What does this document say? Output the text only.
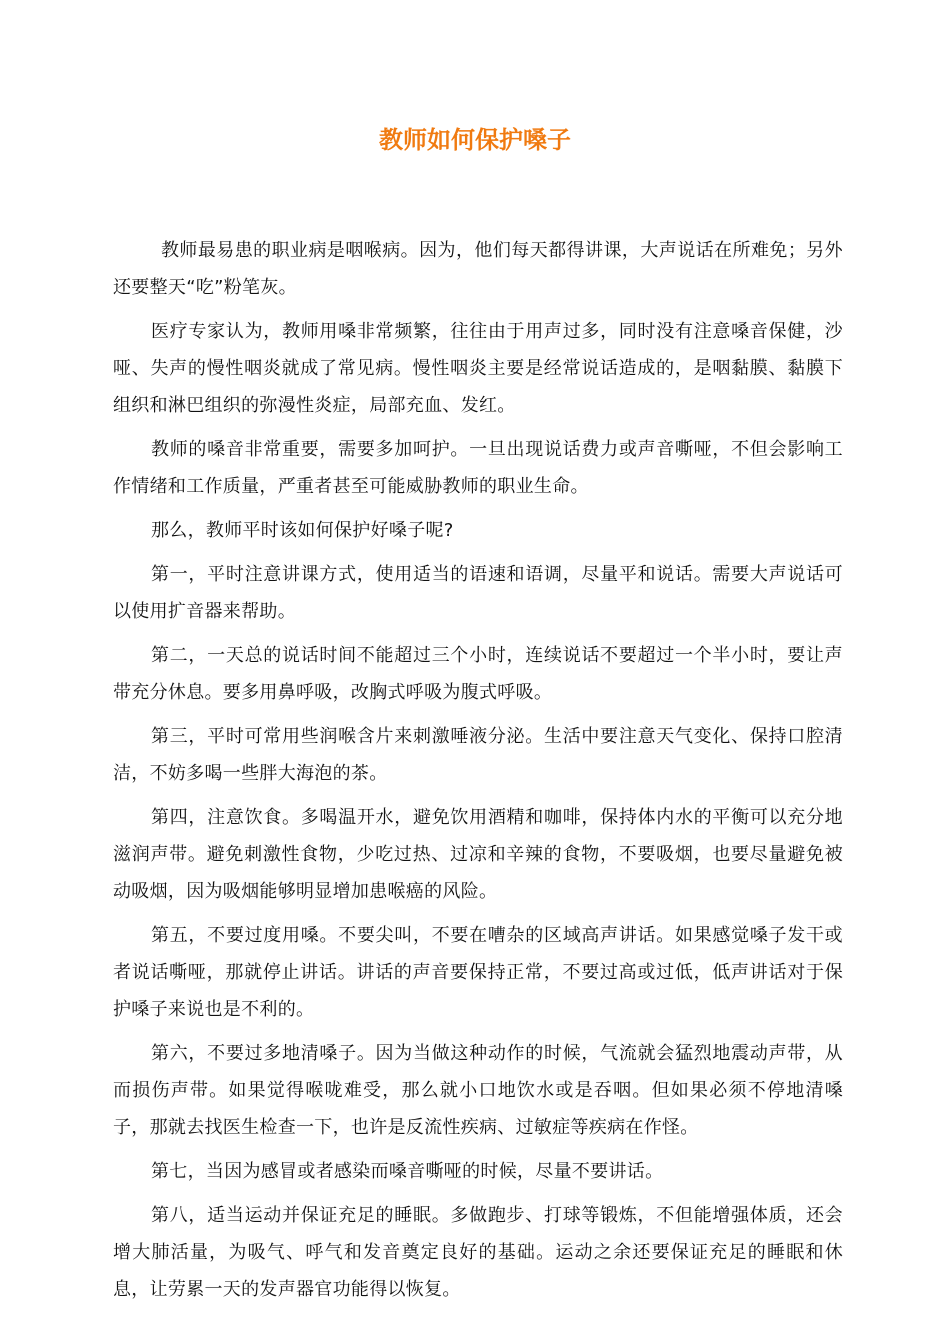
教师如何保护嗓子

教师最易患的职业病是咽喉病。因为，他们每天都得讲课，大声说话在所难免；另外还要整天“吃”粉笔灰。

医疗专家认为，教师用嗓非常频繁，往往由于用声过多，同时没有注意嗓音保健，沙哑、失声的慢性咽炎就成了常见病。慢性咽炎主要是经常说话造成的，是咽黏膜、黏膜下组织和淋巴组织的弥漫性炎症，局部充血、发红。

教师的嗓音非常重要，需要多加呵护。一旦出现说话费力或声音嘶哑，不但会影响工作情绪和工作质量，严重者甚至可能威胁教师的职业生命。

那么，教师平时该如何保护好嗓子呢?

第一，平时注意讲课方式，使用适当的语速和语调，尽量平和说话。需要大声说话可以使用扩音器来帮助。

第二，一天总的说话时间不能超过三个小时，连续说话不要超过一个半小时，要让声带充分休息。要多用鼻呼吸，改胸式呼吸为腹式呼吸。

第三，平时可常用些润喉含片来刺激唾液分泌。生活中要注意天气变化、保持口腔清洁，不妨多喝一些胖大海泡的茶。

第四，注意饮食。多喝温开水，避免饮用酒精和咖啡，保持体内水的平衡可以充分地滋润声带。避免刺激性食物，少吃过热、过凉和辛辣的食物，不要吸烟，也要尽量避免被动吸烟，因为吸烟能够明显增加患喉癌的风险。

第五，不要过度用嗓。不要尖叫，不要在嘈杂的区域高声讲话。如果感觉嗓子发干或者说话嘶哑，那就停止讲话。讲话的声音要保持正常，不要过高或过低，低声讲话对于保护嗓子来说也是不利的。

第六，不要过多地清嗓子。因为当做这种动作的时候，气流就会猛烈地震动声带，从而损伤声带。如果觉得喉咙难受，那么就小口地饮水或是吞咽。但如果必须不停地清嗓子，那就去找医生检查一下，也许是反流性疾病、过敏症等疾病在作怪。

第七，当因为感冒或者感染而嗓音嘶哑的时候，尽量不要讲话。

第八，适当运动并保证充足的睡眠。多做跑步、打球等锻炼，不但能增强体质，还会增大肺活量，为吸气、呼气和发音奠定良好的基础。运动之余还要保证充足的睡眠和休息，让劳累一天的发声器官功能得以恢复。
